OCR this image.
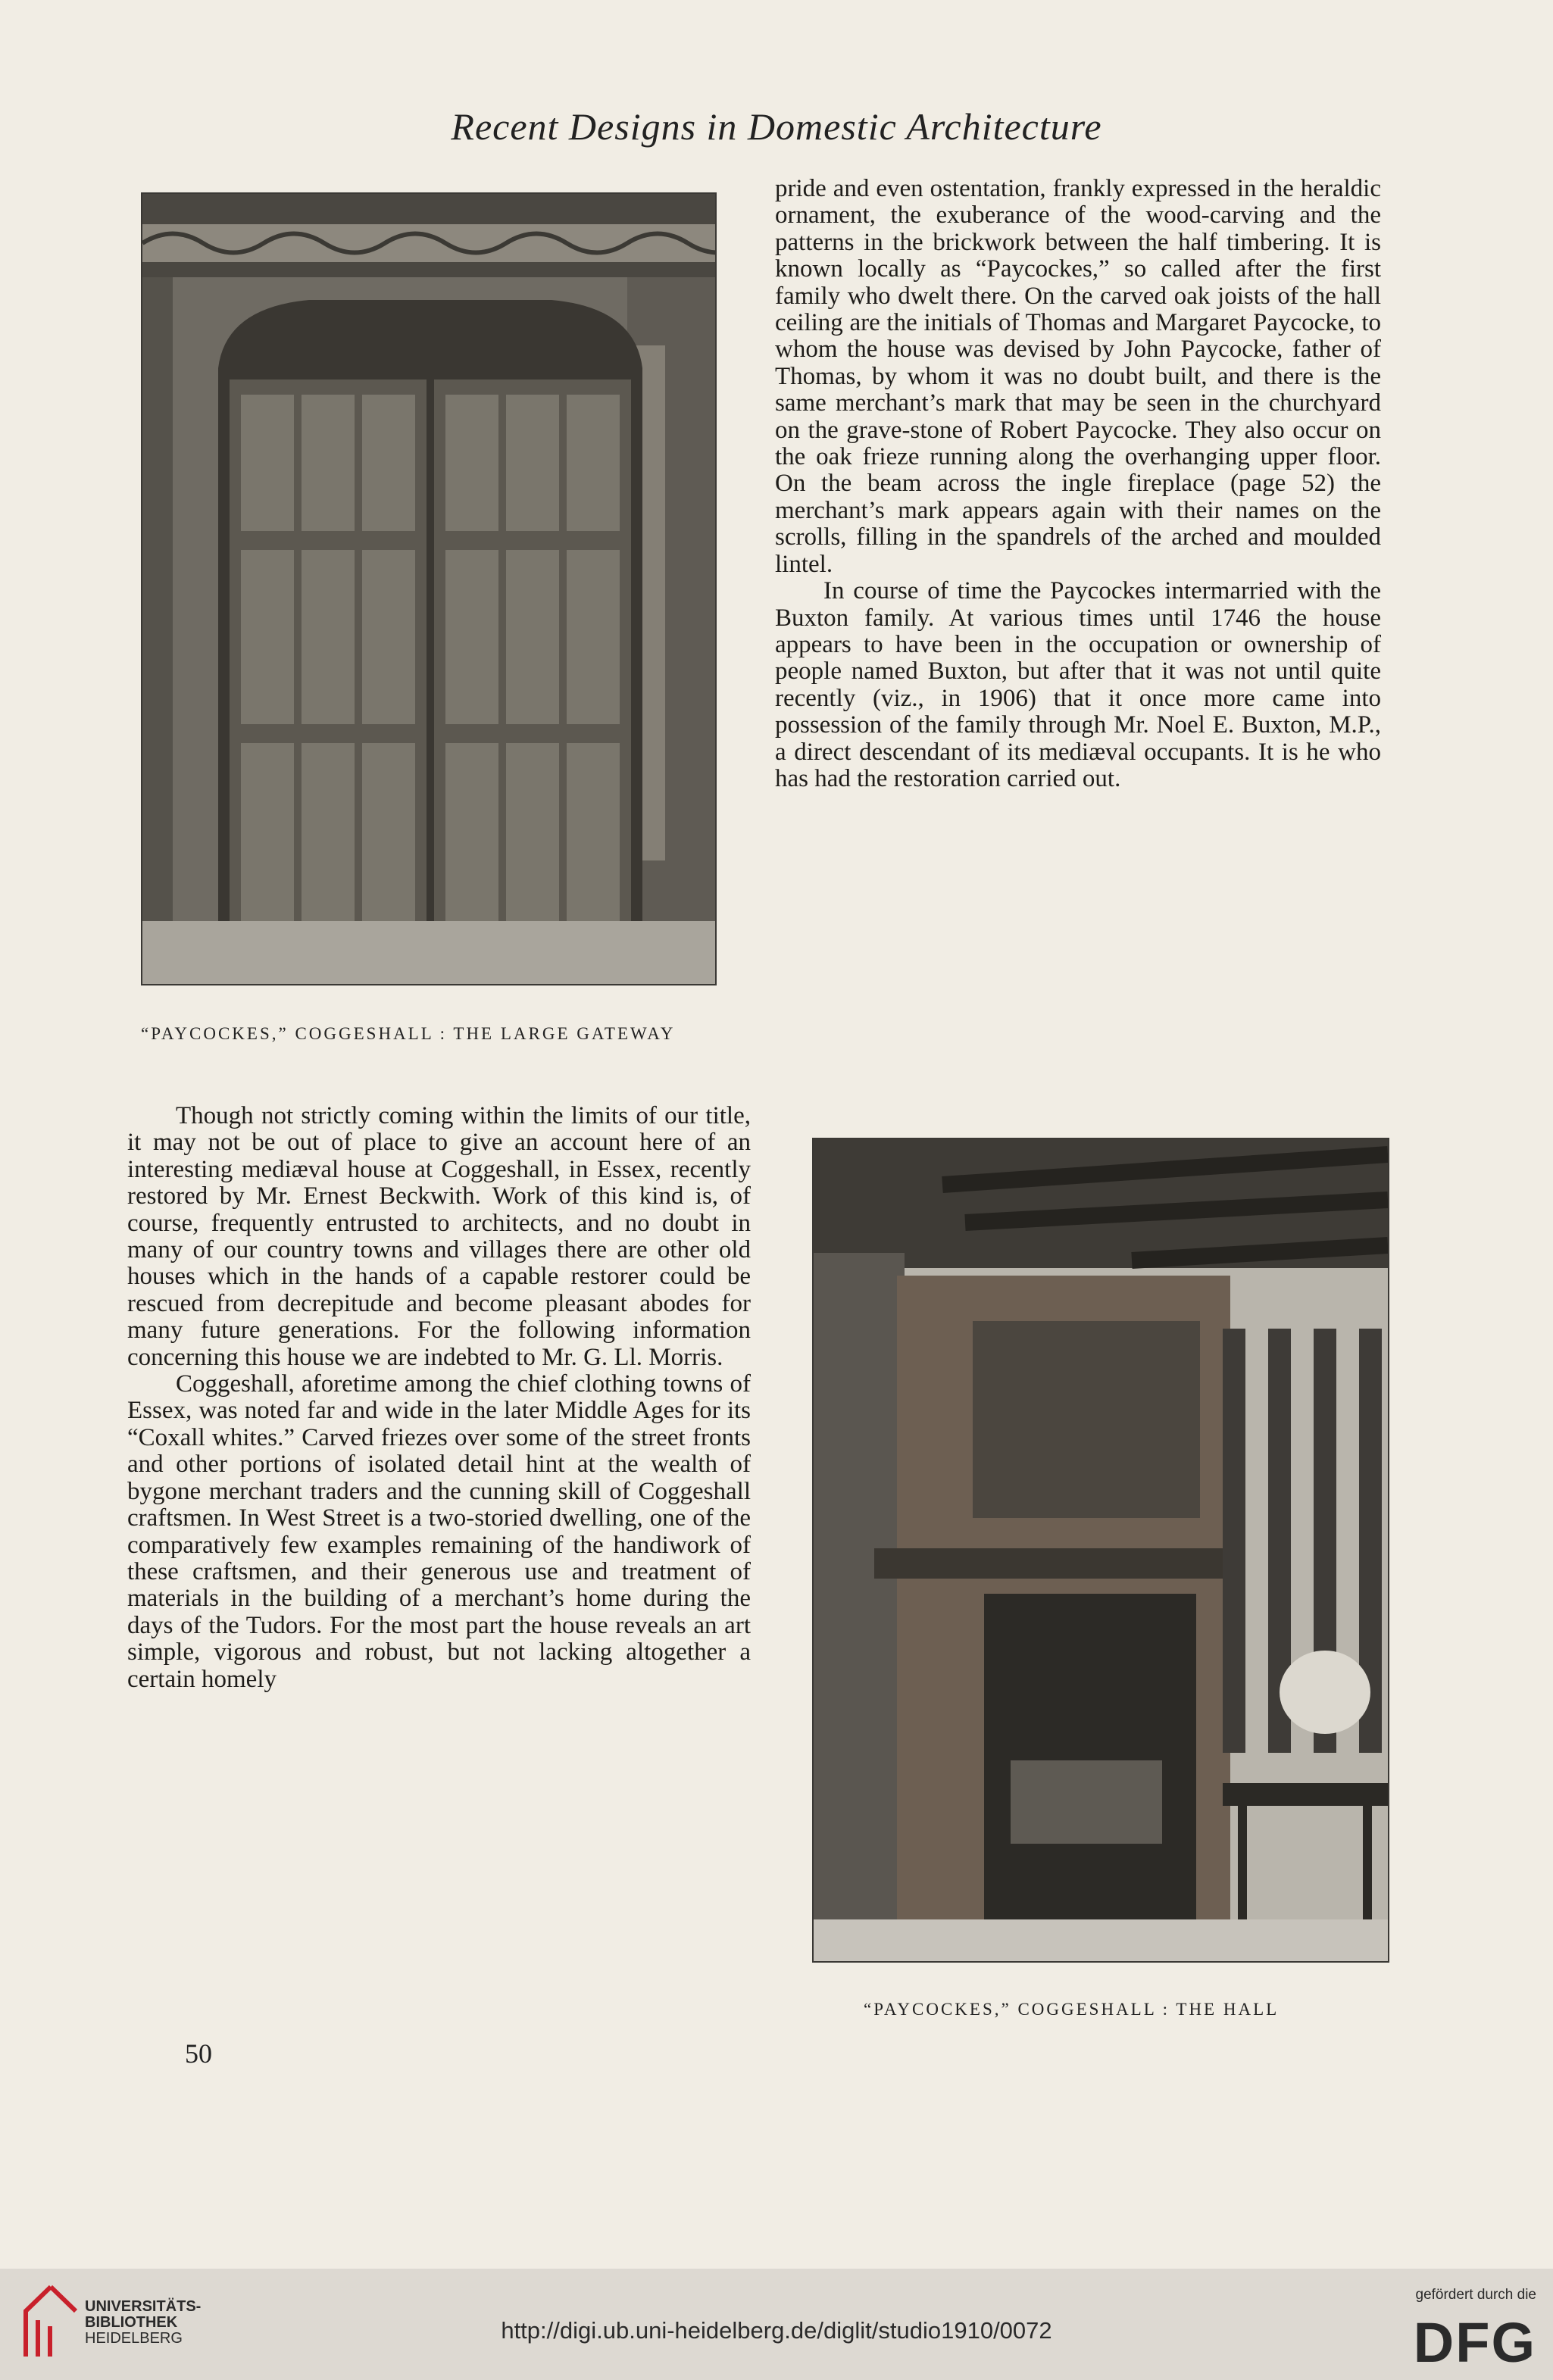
Recent Designs in Domestic Architecture
“PAYCOCKES,” COGGESHALL : THE LARGE GATEWAY

pride and even ostentation, frankly expressed in the heraldic ornament, the exuberance of the wood-carving and the patterns in the brickwork between the half timbering. It is known locally as “Paycockes,” so called after the first family who dwelt there. On the carved oak joists of the hall ceiling are the initials of Thomas and Margaret Paycocke, to whom the house was devised by John Paycocke, father of Thomas, by whom it was no doubt built, and there is the same merchant’s mark that may be seen in the churchyard on the grave-stone of Robert Paycocke. They also occur on the oak frieze running along the overhanging upper floor. On the beam across the ingle fireplace (page 52) the merchant’s mark appears again with their names on the scrolls, filling in the spandrels of the arched and moulded lintel.

In course of time the Paycockes intermarried with the Buxton family. At various times until 1746 the house appears to have been in the occupation or ownership of people named Buxton, but after that it was not until quite recently (viz., in 1906) that it once more came into possession of the family through Mr. Noel E. Buxton, M.P., a direct descendant of its mediæval occupants. It is he who has had the restoration carried out.

Though not strictly coming within the limits of our title, it may not be out of place to give an account here of an interesting mediæval house at Coggeshall, in Essex, recently restored by Mr. Ernest Beckwith. Work of this kind is, of course, frequently entrusted to architects, and no doubt in many of our country towns and villages there are other old houses which in the hands of a capable restorer could be rescued from decrepitude and become pleasant abodes for many future generations. For the following information concerning this house we are indebted to Mr. G. Ll. Morris.

Coggeshall, aforetime among the chief clothing towns of Essex, was noted far and wide in the later Middle Ages for its “Coxall whites.” Carved friezes over some of the street fronts and other portions of isolated detail hint at the wealth of bygone merchant traders and the cunning skill of Coggeshall craftsmen. In West Street is a two-storied dwelling, one of the comparatively few examples remaining of the handiwork of these craftsmen, and their generous use and treatment of materials in the building of a merchant’s home during the days of the Tudors. For the most part the house reveals an art simple, vigorous and robust, but not lacking altogether a certain homely

“PAYCOCKES,” COGGESHALL : THE HALL
50
UNIVERSITÄTS-
BIBLIOTHEK
HEIDELBERG	http://digi.ub.uni-heidelberg.de/diglit/studio1910/0072
gefördert durch die
DFG
